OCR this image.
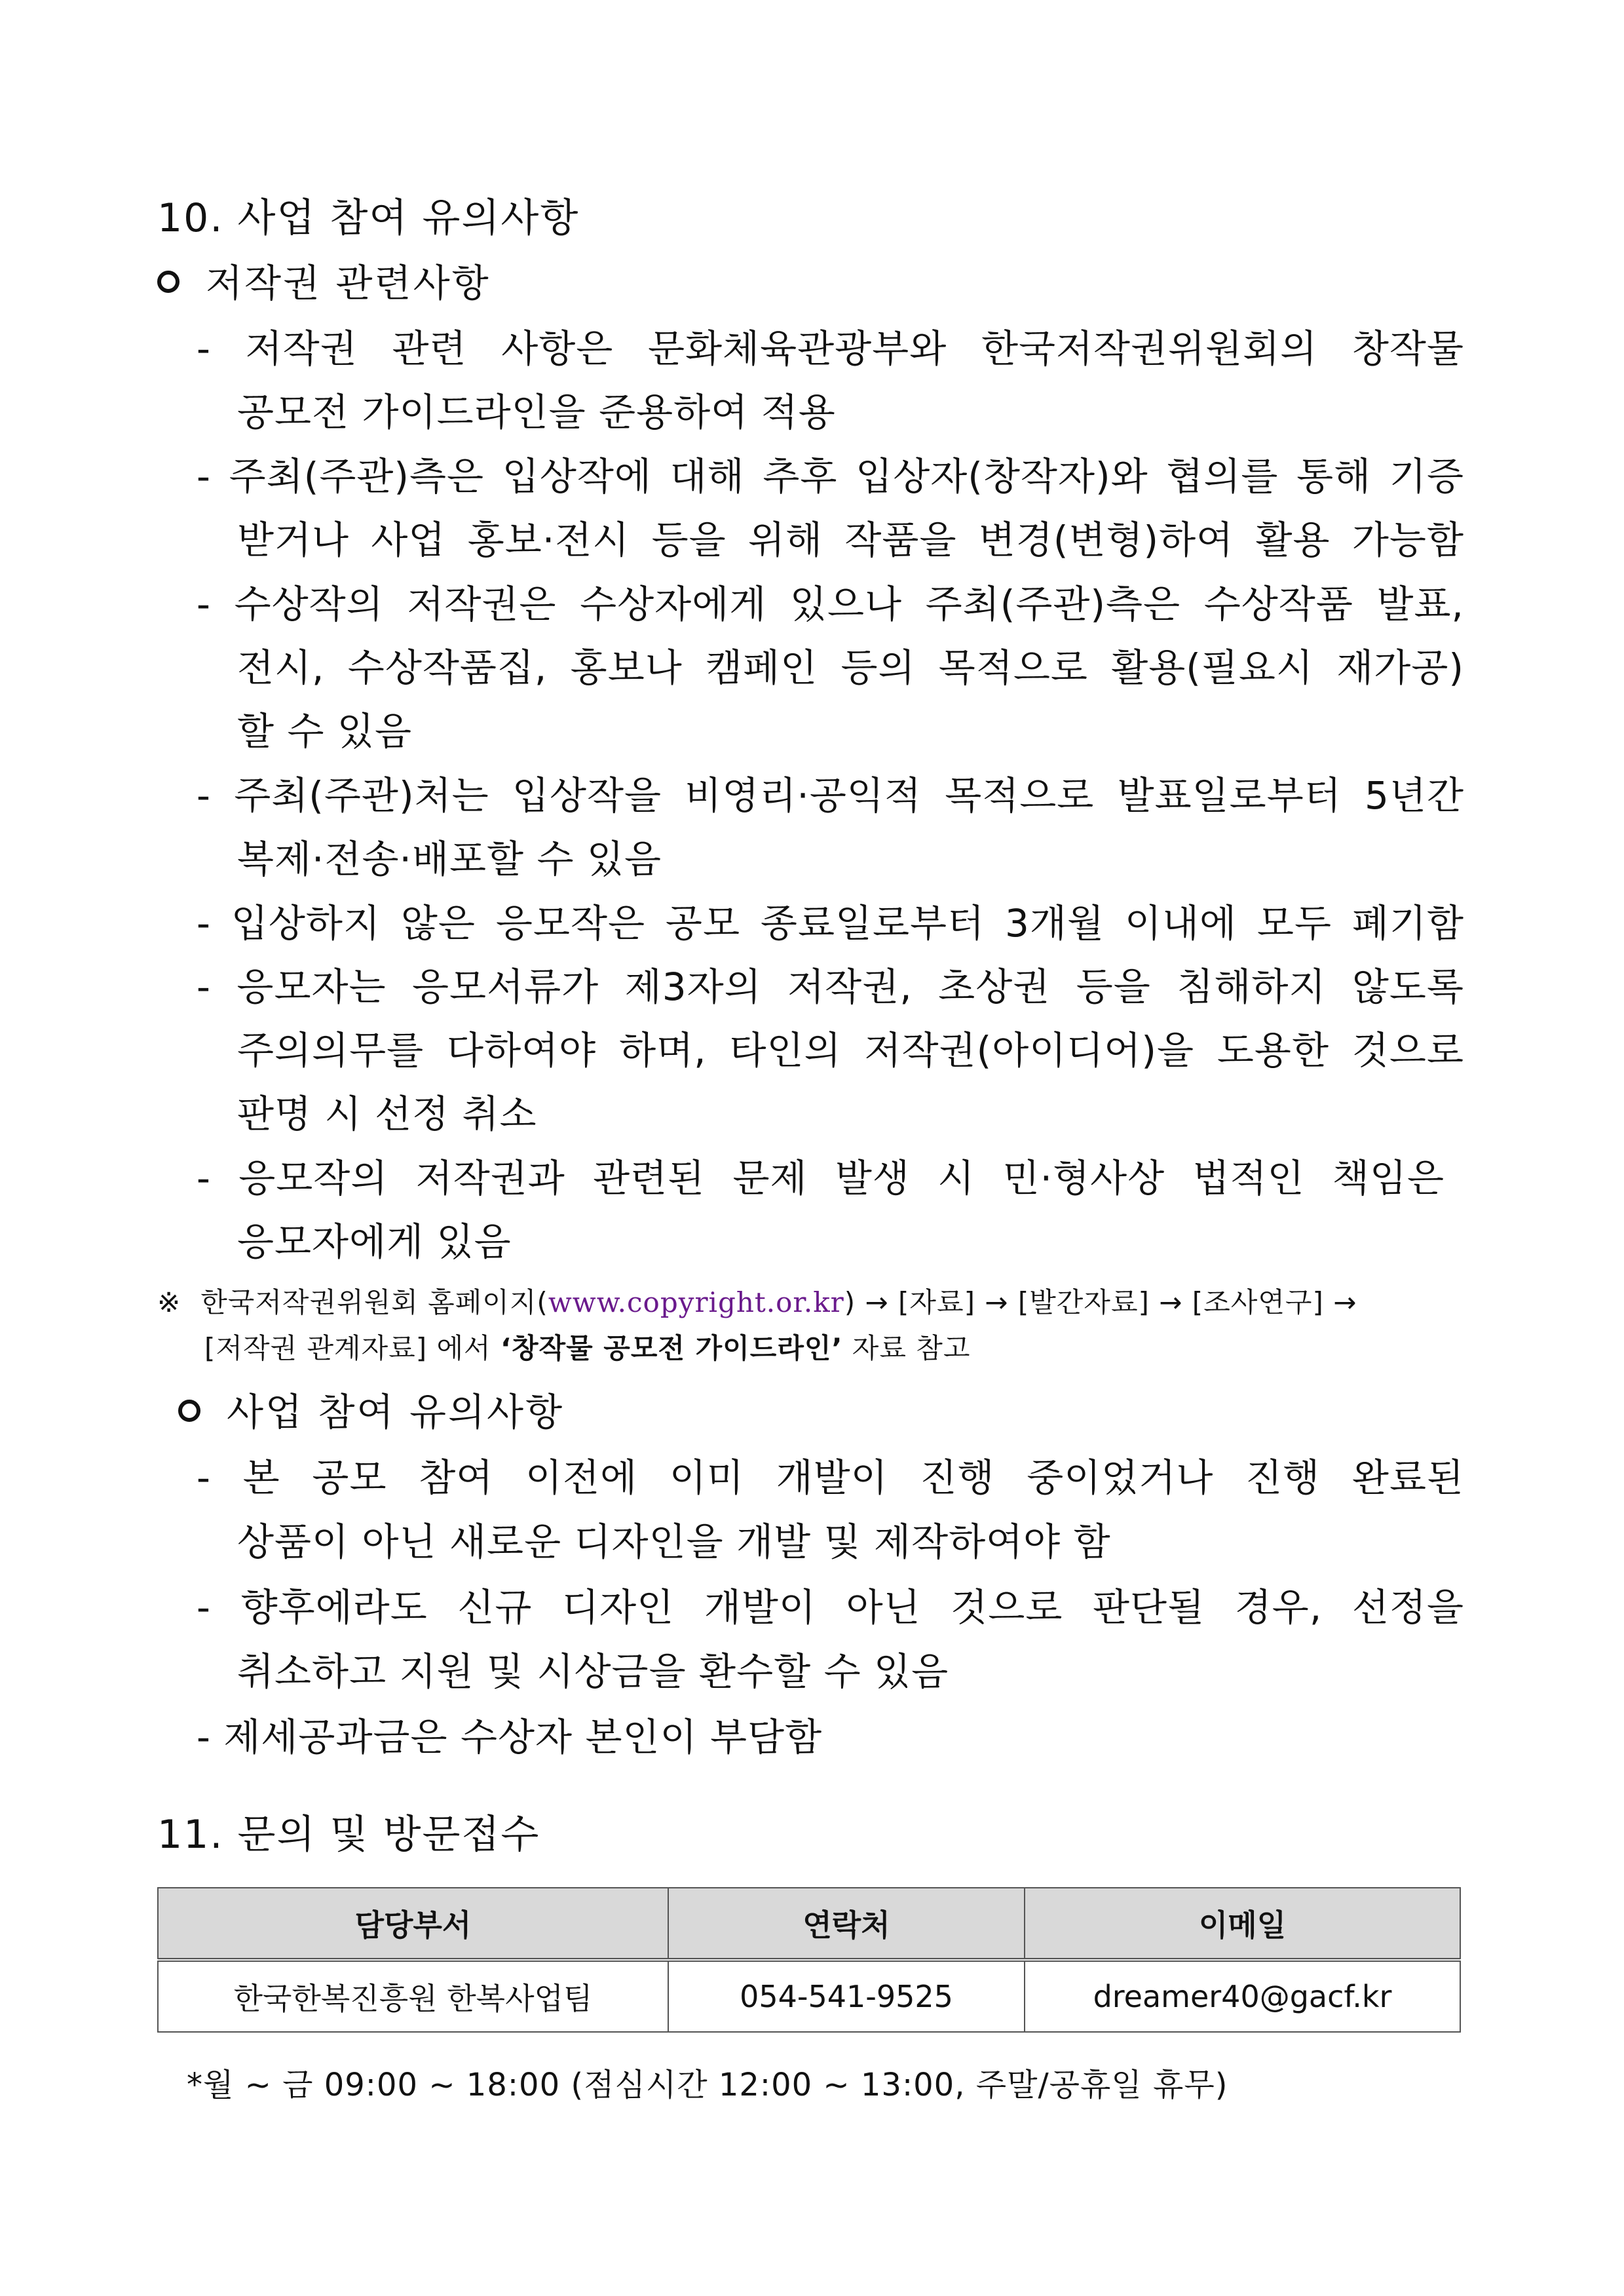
10. 사업 참여 유의사항
저작권 관련사항
- 저작권 관련 사항은 문화체육관광부와 한국저작권위원회의 창작물
공모전 가이드라인을 준용하여 적용
- 주최(주관)측은 입상작에 대해 추후 입상자(창작자)와 협의를 통해 기증
받거나 사업 홍보·전시 등을 위해 작품을 변경(변형)하여 활용 가능함
- 수상작의 저작권은 수상자에게 있으나 주최(주관)측은 수상작품 발표,
전시, 수상작품집, 홍보나 캠페인 등의 목적으로 활용(필요시 재가공)
할 수 있음
- 주최(주관)처는 입상작을 비영리·공익적 목적으로 발표일로부터 5년간
복제·전송·배포할 수 있음
- 입상하지 않은 응모작은 공모 종료일로부터 3개월 이내에 모두 폐기함
- 응모자는 응모서류가 제3자의 저작권, 초상권 등을 침해하지 않도록
주의의무를 다하여야 하며, 타인의 저작권(아이디어)을 도용한 것으로
판명 시 선정 취소
- 응모작의 저작권과 관련된 문제 발생 시 민·형사상 법적인 책임은
응모자에게 있음
※ 한국저작권위원회 홈페이지(www.copyright.or.kr) → [자료] → [발간자료] → [조사연구] →
[저작권 관계자료] 에서 ‘창작물 공모전 가이드라인’ 자료 참고
사업 참여 유의사항
- 본 공모 참여 이전에 이미 개발이 진행 중이었거나 진행 완료된
상품이 아닌 새로운 디자인을 개발 및 제작하여야 함
- 향후에라도 신규 디자인 개발이 아닌 것으로 판단될 경우, 선정을
취소하고 지원 및 시상금을 환수할 수 있음
- 제세공과금은 수상자 본인이 부담함
11. 문의 및 방문접수
담당부서	연락처	이메일
한국한복진흥원 한복사업팀	054-541-9525	dreamer40@gacf.kr
*월 ~ 금 09:00 ~ 18:00 (점심시간 12:00 ~ 13:00, 주말/공휴일 휴무)
